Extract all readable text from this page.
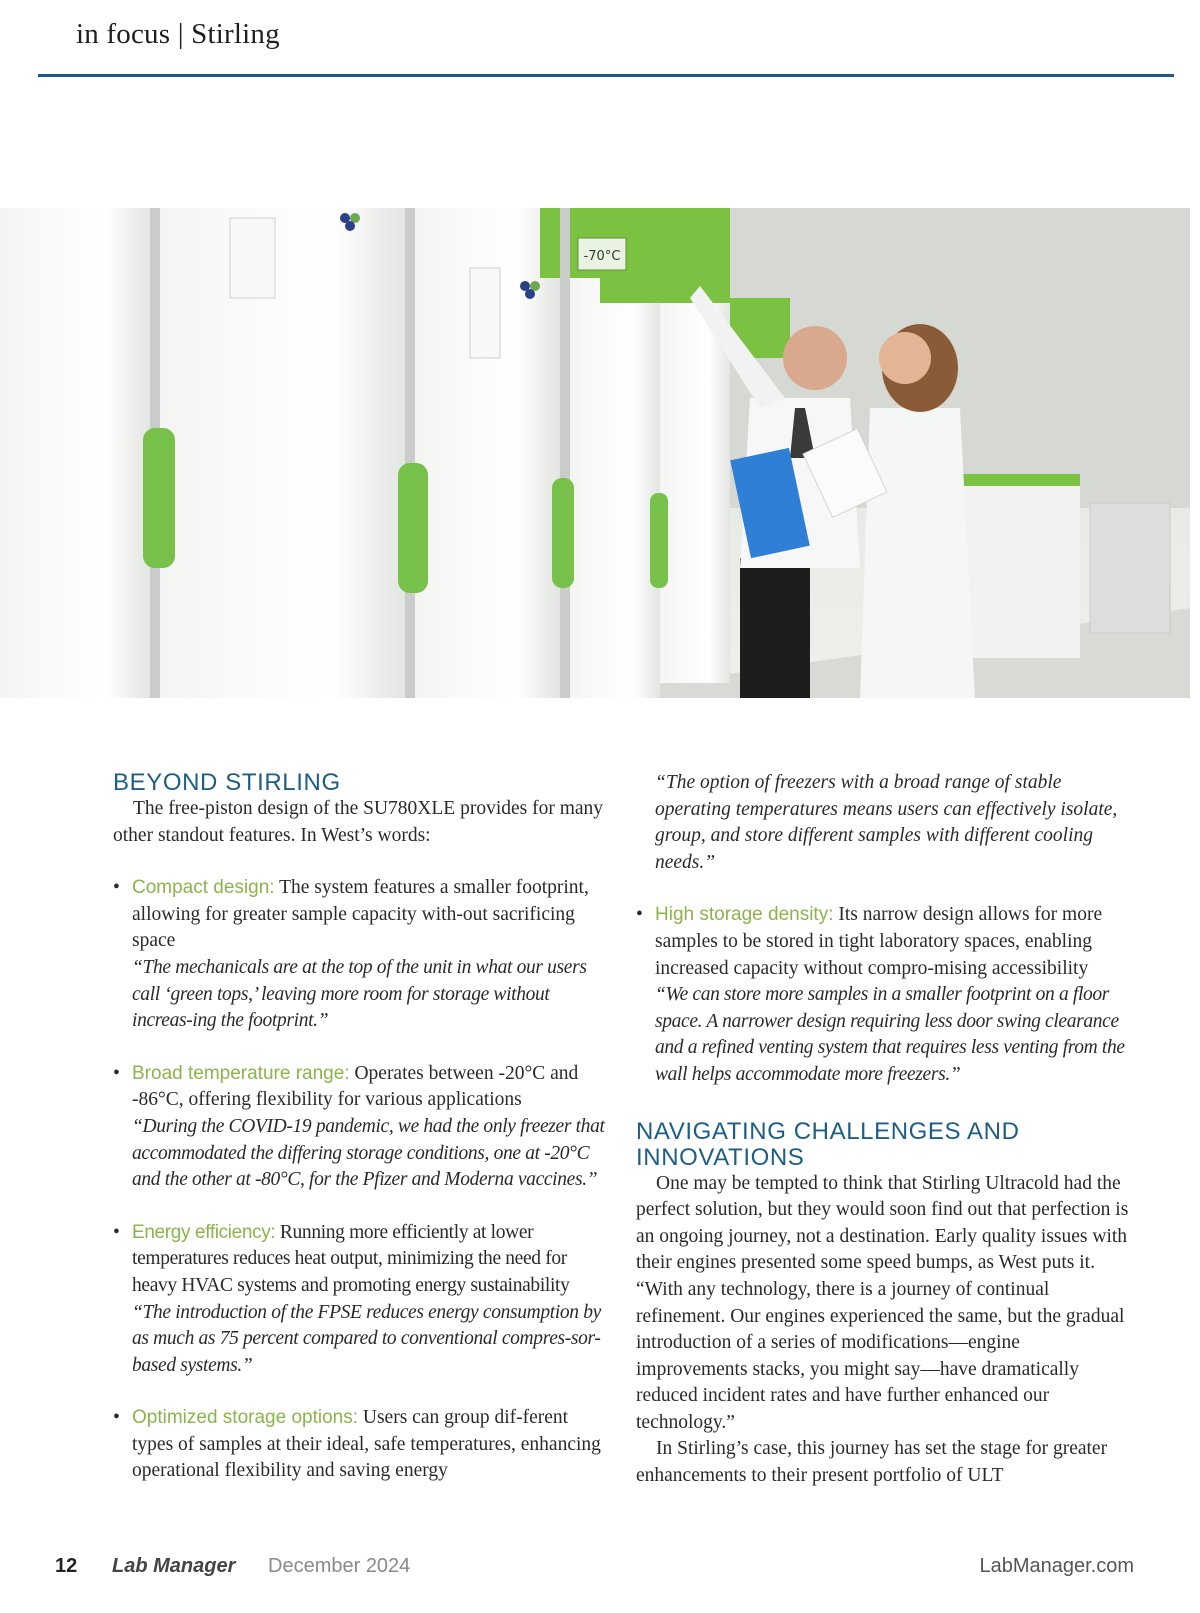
in focus | Stirling
-70°C
BEYOND STIRLING

The free-piston design of the SU780XLE provides for many other standout features. In West’s words:

• Compact design: The system features a smaller footprint, allowing for greater sample capacity with-out sacrificing space
“The mechanicals are at the top of the unit in what our users call ‘green tops,’ leaving more room for storage without increas-ing the footprint.”
• Broad temperature range: Operates between -20°C and -86°C, offering flexibility for various applications
“During the COVID-19 pandemic, we had the only freezer that accommodated the differing storage conditions, one at -20°C and the other at -80°C, for the Pfizer and Moderna vaccines.”
• Energy efficiency: Running more efficiently at lower temperatures reduces heat output, minimizing the need for heavy HVAC systems and promoting energy sustainability
“The introduction of the FPSE reduces energy consumption by as much as 75 percent compared to conventional compres-sor-based systems.”
• Optimized storage options: Users can group dif-ferent types of samples at their ideal, safe temperatures, enhancing operational flexibility and saving energy
“The option of freezers with a broad range of stable operating temperatures means users can effectively isolate, group, and store different samples with different cooling needs.”
• High storage density: Its narrow design allows for more samples to be stored in tight laboratory spaces, enabling increased capacity without compro-mising accessibility
“We can store more samples in a smaller footprint on a floor space. A narrower design requiring less door swing clearance and a refined venting system that requires less venting from the wall helps accommodate more freezers.”
NAVIGATING CHALLENGES AND INNOVATIONS

One may be tempted to think that Stirling Ultracold had the perfect solution, but they would soon find out that perfection is an ongoing journey, not a destination. Early quality issues with their engines presented some speed bumps, as West puts it. “With any technology, there is a journey of continual refinement. Our engines experienced the same, but the gradual introduction of a series of modifications—engine improvements stacks, you might say—have dramatically reduced incident rates and have further enhanced our technology.”

In Stirling’s case, this journey has set the stage for greater enhancements to their present portfolio of ULT

12 Lab Manager December 2024	LabManager.com
